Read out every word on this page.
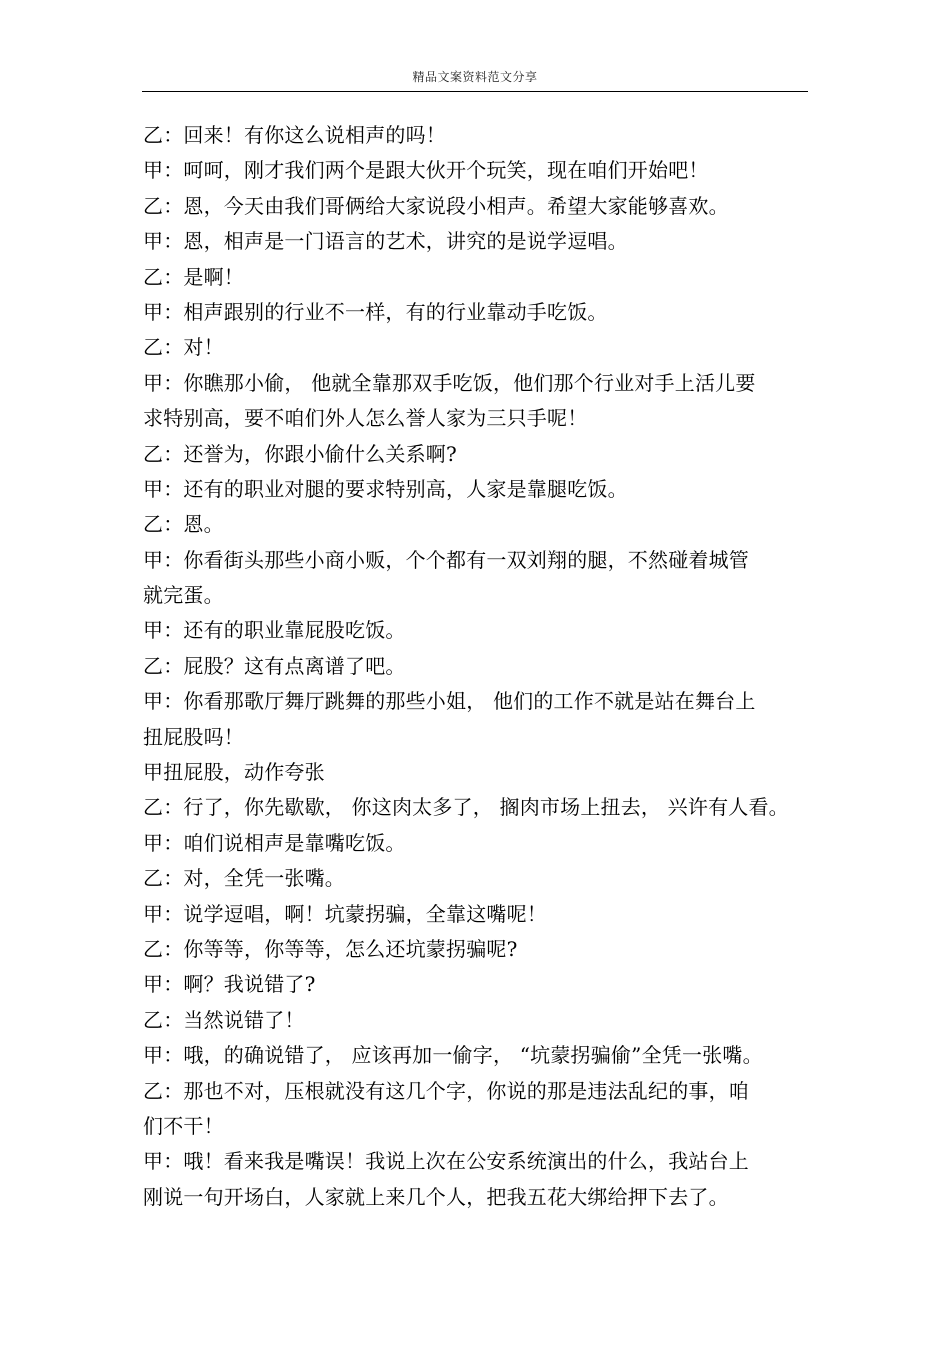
精品文案资料范文分享
乙：回来！有你这么说相声的吗！
甲：呵呵，刚才我们两个是跟大伙开个玩笑，现在咱们开始吧！
乙：恩，今天由我们哥俩给大家说段小相声。希望大家能够喜欢。
甲：恩，相声是一门语言的艺术，讲究的是说学逗唱。
乙：是啊！
甲：相声跟别的行业不一样，有的行业靠动手吃饭。
乙：对！
甲：你瞧那小偷， 他就全靠那双手吃饭，他们那个行业对手上活儿要
求特别高，要不咱们外人怎么誉人家为三只手呢！
乙：还誉为，你跟小偷什么关系啊?
甲：还有的职业对腿的要求特别高，人家是靠腿吃饭。
乙：恩。
甲：你看街头那些小商小贩，个个都有一双刘翔的腿，不然碰着城管
就完蛋。
甲：还有的职业靠屁股吃饭。
乙：屁股？这有点离谱了吧。
甲：你看那歌厅舞厅跳舞的那些小姐， 他们的工作不就是站在舞台上
扭屁股吗！
甲扭屁股，动作夸张
乙：行了，你先歇歇， 你这肉太多了， 搁肉市场上扭去， 兴许有人看。
甲：咱们说相声是靠嘴吃饭。
乙：对，全凭一张嘴。
甲：说学逗唱，啊！坑蒙拐骗，全靠这嘴呢！
乙：你等等，你等等，怎么还坑蒙拐骗呢?
甲：啊？我说错了?
乙：当然说错了！
甲：哦，的确说错了， 应该再加一偷字， “坑蒙拐骗偷”全凭一张嘴。
乙：那也不对，压根就没有这几个字，你说的那是违法乱纪的事，咱
们不干！
甲：哦！看来我是嘴误！我说上次在公安系统演出的什么，我站台上
刚说一句开场白，人家就上来几个人，把我五花大绑给押下去了。
